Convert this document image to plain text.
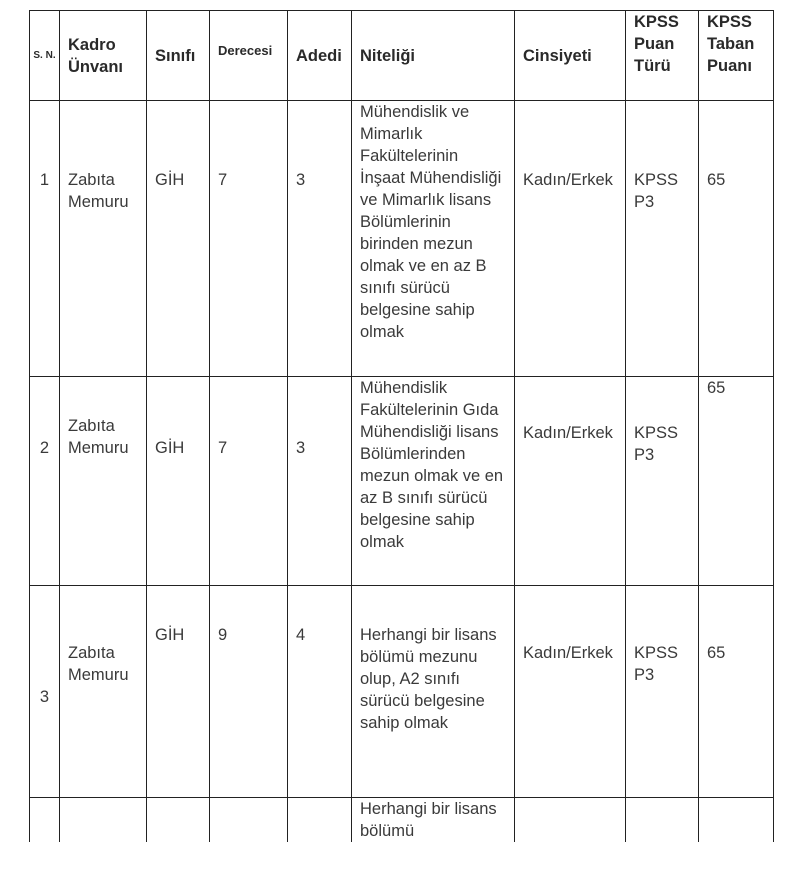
S. N.	Kadro Ünvanı	Sınıfı	Derecesi	Adedi	Niteliği	Cinsiyeti	KPSS Puan Türü	KPSS Taban Puanı
1	Zabıta Memuru	GİH	7	3	Mühendislik ve Mimarlık Fakültelerinin İnşaat Mühendisliği ve Mimarlık lisans Bölümlerinin birinden mezun olmak ve en az B sınıfı sürücü belgesine sahip olmak	Kadın/Erkek	KPSS P3	65
2	Zabıta Memuru	GİH	7	3	Mühendislik Fakültelerinin Gıda Mühendisliği lisans Bölümlerinden mezun olmak ve en az B sınıfı sürücü belgesine sahip olmak	Kadın/Erkek	KPSS P3	65
3	Zabıta Memuru	GİH	9	4	Herhangi bir lisans bölümü mezunu olup, A2 sınıfı sürücü belgesine sahip olmak	Kadın/Erkek	KPSS P3	65
					Herhangi bir lisans bölümü			
